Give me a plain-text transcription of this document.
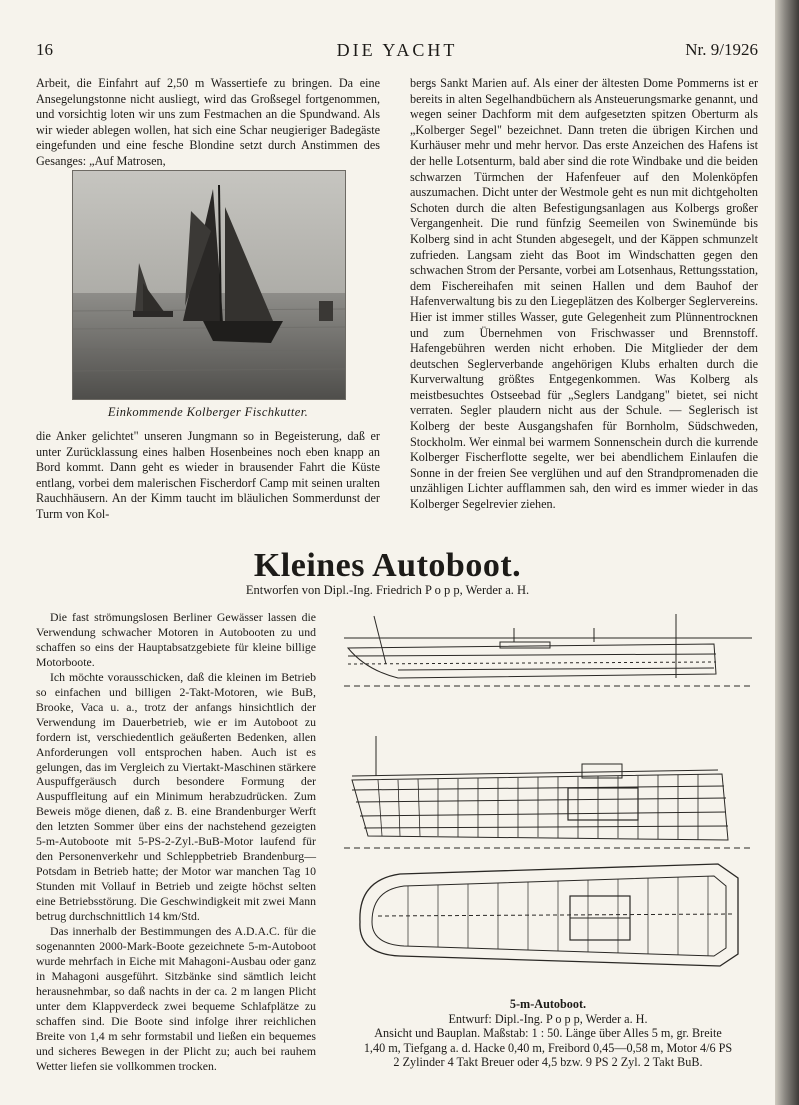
16	DIE YACHT	Nr. 9/1926

Arbeit, die Einfahrt auf 2,50 m Wassertiefe zu bringen. Da eine Ansegelungstonne nicht ausliegt, wird das Großsegel fortgenommen, und vorsichtig loten wir uns zum Festmachen an die Spundwand. Als wir wieder ablegen wollen, hat sich eine Schar neugieriger Badegäste eingefunden und eine fesche Blondine setzt durch Anstimmen des Gesanges: „Auf Matrosen,

Einkommende Kolberger Fischkutter.

die Anker gelichtet" unseren Jungmann so in Begeisterung, daß er unter Zurücklassung eines halben Hosenbeines noch eben knapp an Bord kommt. Dann geht es wieder in brausender Fahrt die Küste entlang, vorbei dem malerischen Fischerdorf Camp mit seinen uralten Rauchhäusern. An der Kimm taucht im bläulichen Sommerdunst der Turm von Kol-

bergs Sankt Marien auf. Als einer der ältesten Dome Pommerns ist er bereits in alten Segelhandbüchern als Ansteuerungsmarke genannt, und wegen seiner Dachform mit dem aufgesetzten spitzen Oberturm als „Kolberger Segel" bezeichnet. Dann treten die übrigen Kirchen und Kurhäuser mehr und mehr hervor. Das erste Anzeichen des Hafens ist der helle Lotsenturm, bald aber sind die rote Windbake und die beiden schwarzen Türmchen der Hafenfeuer auf den Molenköpfen auszumachen. Dicht unter der Westmole geht es nun mit dichtgeholten Schoten durch die alten Befestigungsanlagen aus Kolbergs großer Vergangenheit. Die rund fünfzig Seemeilen von Swinemünde bis Kolberg sind in acht Stunden abgesegelt, und der Käppen schmunzelt zufrieden. Langsam zieht das Boot im Windschatten gegen den schwachen Strom der Persante, vorbei am Lotsenhaus, Rettungsstation, dem Fischereihafen mit seinen Hallen und dem Bauhof der Hafenverwaltung bis zu den Liegeplätzen des Kolberger Seglervereins. Hier ist immer stilles Wasser, gute Gelegenheit zum Plünnentrocknen und zum Übernehmen von Frischwasser und Brennstoff. Hafengebühren werden nicht erhoben. Die Mitglieder der dem deutschen Seglerverbande angehörigen Klubs erhalten durch die Kurverwaltung größtes Entgegenkommen. Was Kolberg als meistbesuchtes Ostseebad für „Seglers Landgang" bietet, sei nicht verraten. Segler plaudern nicht aus der Schule. — Seglerisch ist Kolberg der beste Ausgangshafen für Bornholm, Südschweden, Stockholm. Wer einmal bei warmem Sonnenschein durch die kurrende Kolberger Fischerflotte segelte, wer bei abendlichem Einlaufen die Sonne in der freien See verglühen und auf den Strandpromenaden die unzähligen Lichter aufflammen sah, den wird es immer wieder in das Kolberger Segelrevier ziehen.

Kleines Autoboot.
Entworfen von Dipl.-Ing. Friedrich P o p p, Werder a. H.

Die fast strömungslosen Berliner Gewässer lassen die Verwendung schwacher Motoren in Autobooten zu und schaffen so eins der Hauptabsatzgebiete für kleine billige Motorboote.

Ich möchte vorausschicken, daß die kleinen im Betrieb so einfachen und billigen 2-Takt-Motoren, wie BuB, Brooke, Vaca u. a., trotz der anfangs hinsichtlich der Verwendung im Dauerbetrieb, wie er im Autoboot zu fordern ist, verschiedentlich geäußerten Bedenken, allen Anforderungen voll entsprochen haben. Auch ist es gelungen, das im Vergleich zu Viertakt-Maschinen stärkere Auspuffgeräusch durch besondere Formung der Auspuffleitung auf ein Minimum herabzudrücken. Zum Beweis möge dienen, daß z. B. eine Brandenburger Werft den letzten Sommer über eins der nachstehend gezeigten 5-m-Autoboote mit 5-PS-2-Zyl.-BuB-Motor laufend für den Personenverkehr und Schleppbetrieb Brandenburg—Potsdam in Betrieb hatte; der Motor war manchen Tag 10 Stunden mit Vollauf in Betrieb und zeigte höchst selten eine Betriebsstörung. Die Geschwindigkeit mit zwei Mann betrug durchschnittlich 14 km/Std.

Das innerhalb der Bestimmungen des A.D.A.C. für die sogenannten 2000-Mark-Boote gezeichnete 5-m-Autoboot wurde mehrfach in Eiche mit Mahagoni-Ausbau oder ganz in Mahagoni ausgeführt. Sitzbänke sind sämtlich leicht herausnehmbar, so daß nachts in der ca. 2 m langen Plicht unter dem Klappverdeck zwei bequeme Schlafplätze zu schaffen sind. Die Boote sind infolge ihrer reichlichen Breite von 1,4 m sehr formstabil und ließen ein bequemes und sicheres Bewegen in der Plicht zu; auch bei rauhem Wetter liefen sie vollkommen trocken.

5-m-Autoboot.
Entwurf: Dipl.-Ing. P o p p, Werder a. H.
Ansicht und Bauplan. Maßstab: 1 : 50. Länge über Alles 5 m, gr. Breite
1,40 m, Tiefgang a. d. Hacke 0,40 m, Freibord 0,45—0,58 m, Motor 4/6 PS
2 Zylinder 4 Takt Breuer oder 4,5 bzw. 9 PS 2 Zyl. 2 Takt BuB.
